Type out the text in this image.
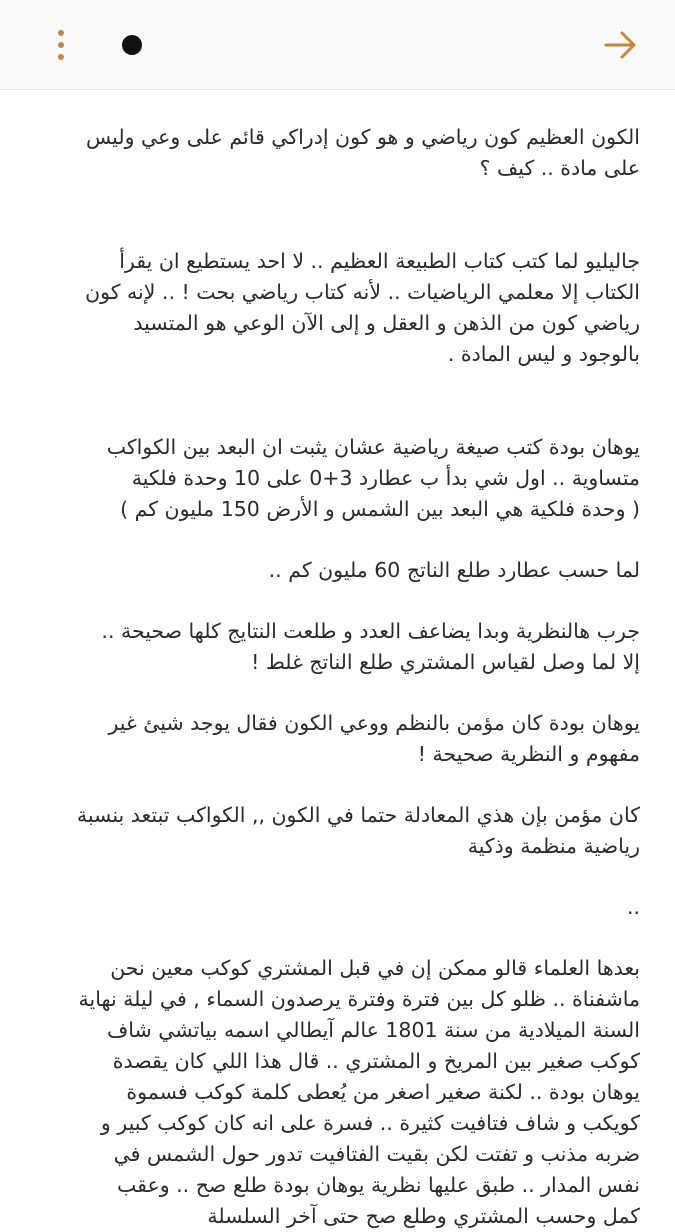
الكون العظيم كون رياضي و هو كون إدراكي قائم على وعي وليس
على مادة .. كيف ؟

جاليليو لما كتب كتاب الطبيعة العظيم .. لا احد يستطيع ان يقرأ
الكتاب إلا معلمي الرياضيات .. لأنه كتاب رياضي بحت ! .. لإنه كون
رياضي كون من الذهن و العقل و إلى الآن الوعي هو المتسيد
بالوجود و ليس المادة .

يوهان بودة كتب صيغة رياضية عشان يثبت ان البعد بين الكواكب
متساوية .. اول شي بدأ ب عطارد 3+0 على 10 وحدة فلكية
( وحدة فلكية هي البعد بين الشمس و الأرض 150 مليون كم )

لما حسب عطارد طلع الناتج 60 مليون كم ..

جرب هالنظرية وبدا يضاعف العدد و طلعت النتايج كلها صحيحة ..
إلا لما وصل لقياس المشتري طلع الناتج غلط !

يوهان بودة كان مؤمن بالنظم ووعي الكون فقال يوجد شيئ غير
مفهوم و النظرية صحيحة !

كان مؤمن بإن هذي المعادلة حتما في الكون ,, الكواكب تبتعد بنسبة
رياضية منظمة وذكية

..

بعدها العلماء قالو ممكن إن في قبل المشتري كوكب معين نحن
ماشفناة .. ظلو كل بين فترة وفترة يرصدون السماء , في ليلة نهاية
السنة الميلادية من سنة 1801 عالم آيطالي اسمه بياتشي شاف
كوكب صغير بين المريخ و المشتري .. قال هذا اللي كان يقصدة
يوهان بودة .. لكنة صغير اصغر من يُعطى كلمة كوكب فسموة
كويكب و شاف فتافيت كثيرة .. فسرة على انه كان كوكب كبير و
ضربه مذنب و تفتت لكن بقيت الفتافيت تدور حول الشمس في
نفس المدار .. طبق عليها نظرية يوهان بودة طلع صح .. وعقب
كمل وحسب المشتري وطلع صح حتى آخر السلسلة
